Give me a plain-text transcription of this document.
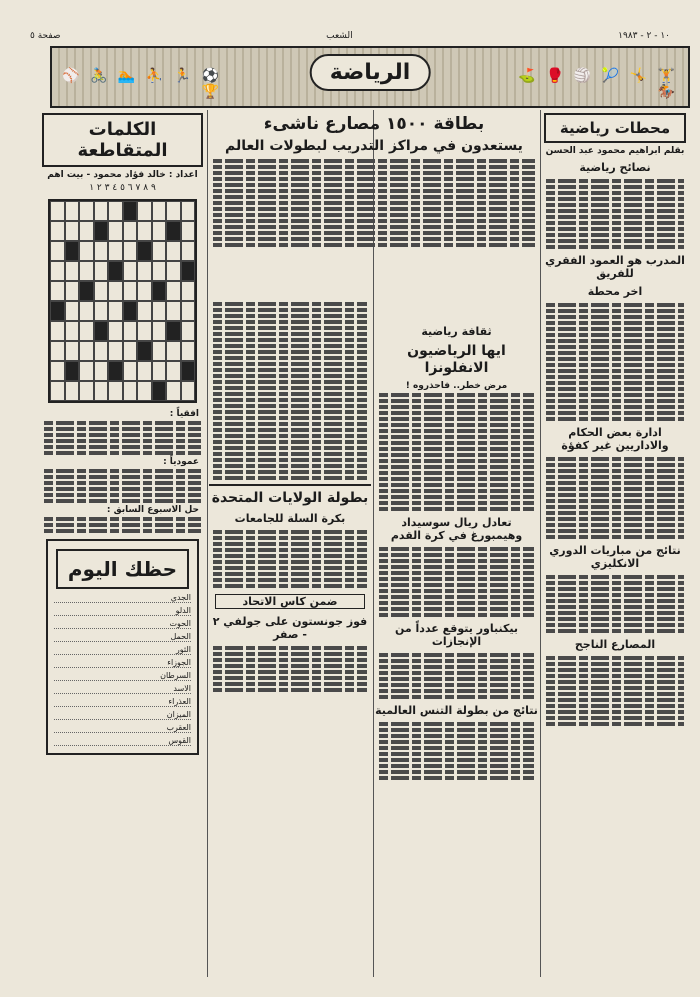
صفحة ٥	الشعب	١٠ - ٢ - ١٩٨٣
⚽ 🏃 ⛹ 🏊 🚴 ⚾ 🏆
الرياضة	🏋 🤸 🎾 🏐 🥊 ⛳ 🏇
محطات رياضية
بقلم ابراهيم محمود عبد الحسن
نصائح رياضية
المدرب هو العمود الفقري للفريق
اخر محطة
ادارة بعض الحكام والاداريين غير كفؤة
نتائج من مباريات الدوري الانكليزي
المصارع الناجح
بطاقة ١٥٠٠ مصارع ناشىء
يستعدون في مراكز التدريب لبطولات العالم
ثقافة رياضية
ايها الرياضيون الانفلونزا
مرض خطر.. فاحذروه !
تعادل ريال سوسيداد وهيمبورغ في كرة القدم
بيكنباور يتوقع عدداً من الإنجازات
نتائج من بطولة التنس العالمية
بطولة الولايات المتحدة
بكرة السلة للجامعات
ضمن كاس الاتحاد
فوز جونستون على جولفي ٢ - صفر
الكلمات المتقاطعة
اعداد : خالد فؤاد محمود - بيت اهم
٩ ٨ ٧ ٦ ٥ ٤ ٣ ٢ ١
افقياً :
عمودياً :
حل الاسبوع السابق :
حظك اليوم

الجدي

الدلو

الحوت

الحمل

الثور

الجوزاء

السرطان

الاسد

العذراء

الميزان

العقرب

القوس
